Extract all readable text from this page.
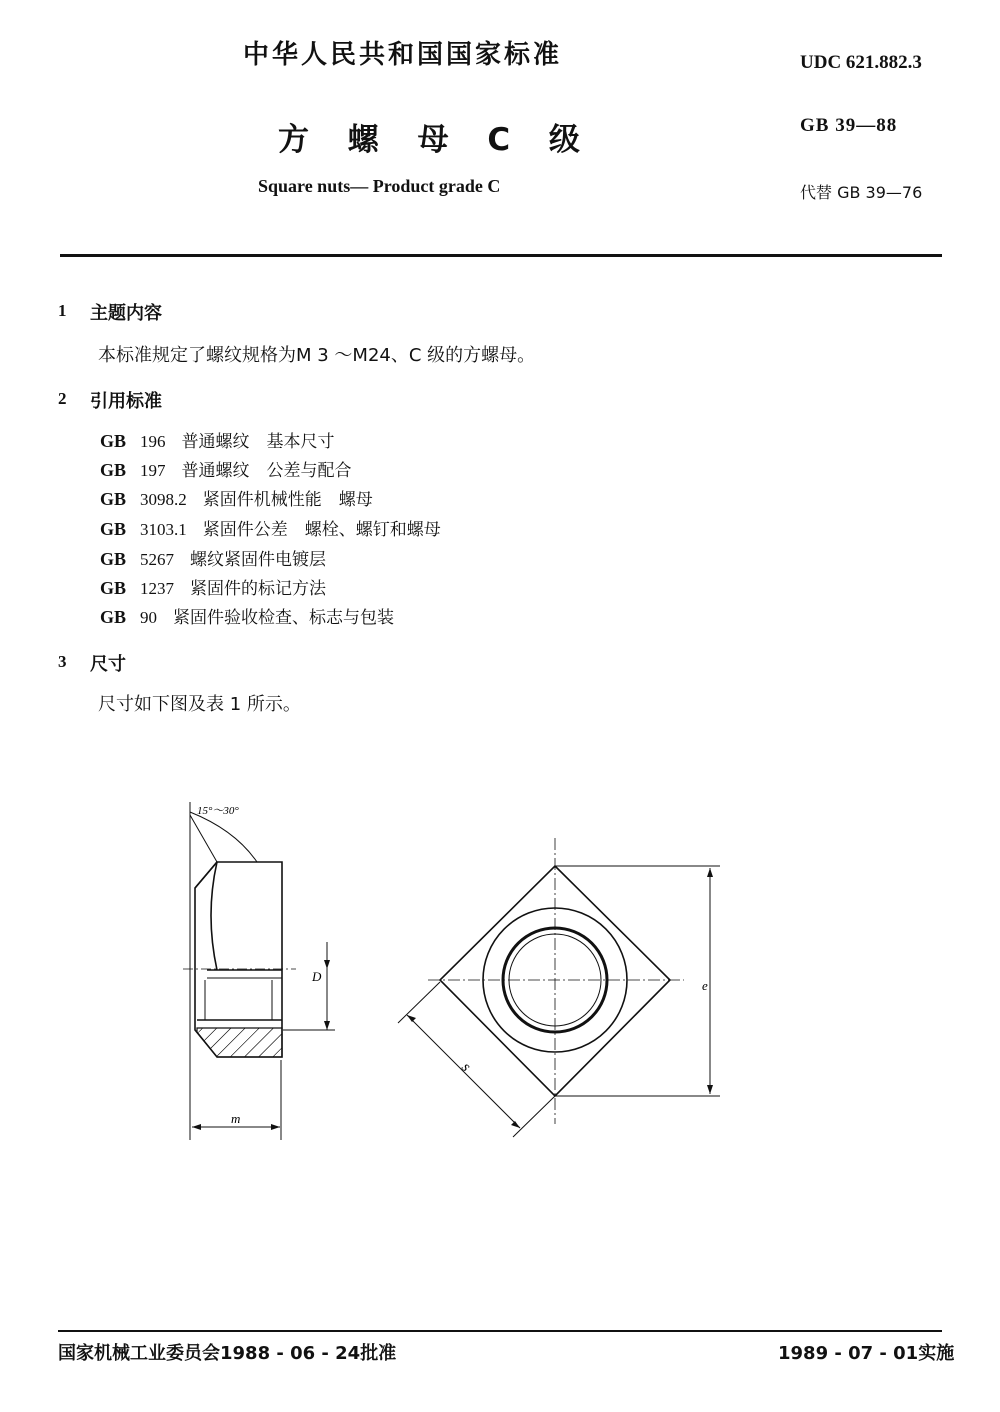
中华人民共和国国家标准	UDC 621.882.3
方 螺 母 C 级	GB 39—88
Square nuts— Product grade C	代替 GB 39—76
1 主题内容
本标准规定了螺纹规格为M 3 ～M24、C 级的方螺母。
2 引用标准
GB 196 普通螺纹　基本尺寸
GB 197 普通螺纹　公差与配合
GB 3098.2 紧固件机械性能　螺母
GB 3103.1 紧固件公差　螺栓、螺钉和螺母
GB 5267 螺纹紧固件电镀层
GB 1237 紧固件的标记方法
GB 90 紧固件验收检查、标志与包装
3 尺寸
尺寸如下图及表 1 所示。
15°～30°
D
m
e
s
国家机械工业委员会1988 - 06 - 24批准	1989 - 07 - 01实施
